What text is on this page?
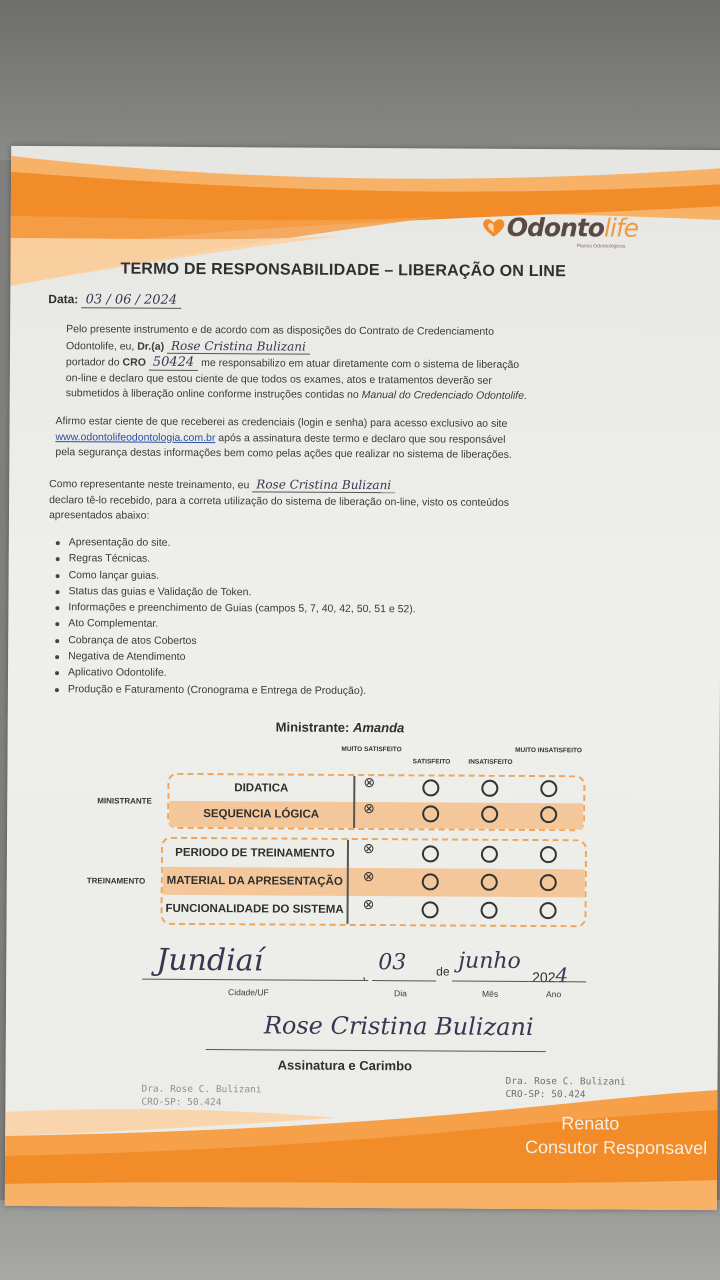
Odontolife
Planos Odontológicos
TERMO DE RESPONSABILIDADE – LIBERAÇÃO ON LINE
Data: 03 / 06 / 2024
Pelo presente instrumento e de acordo com as disposições do Contrato de Credenciamento
Odontolife, eu, Dr.(a) Rose Cristina Bulizani
portador do CRO 50424 me responsabilizo em atuar diretamente com o sistema de liberação
on-line e declaro que estou ciente de que todos os exames, atos e tratamentos deverão ser
submetidos à liberação online conforme instruções contidas no Manual do Credenciado Odontolife.
Afirmo estar ciente de que receberei as credenciais (login e senha) para acesso exclusivo ao site
www.odontolifeodontologia.com.br após a assinatura deste termo e declaro que sou responsável
pela segurança destas informações bem como pelas ações que realizar no sistema de liberações.
Como representante neste treinamento, eu Rose Cristina Bulizani
declaro tê-lo recebido, para a correta utilização do sistema de liberação on-line, visto os conteúdos
apresentados abaixo:
Apresentação do site.
Regras Técnicas.
Como lançar guias.
Status das guias e Validação de Token.
Informações e preenchimento de Guias (campos 5, 7, 40, 42, 50, 51 e 52).
Ato Complementar.
Cobrança de atos Cobertos
Negativa de Atendimento
Aplicativo Odontolife.
Produção e Faturamento (Cronograma e Entrega de Produção).
Ministrante: Amanda
MUITO SATISFEITO
SATISFEITO	INSATISFEITO
MUITO INSATISFEITO
MINISTRANTE
DIDATICA
SEQUENCIA LÓGICA
TREINAMENTO
PERIODO DE TREINAMENTO
MATERIAL DA APRESENTAÇÃO
FUNCIONALIDADE DO SISTEMA
⊗
⊗
⊗
⊗
⊗
Jundiaí	,
Cidade/UF
03
Dia
de junho
Mês
2024
Ano
Rose Cristina Bulizani
Assinatura e Carimbo
Dra. Rose C. Bulizani
CRO-SP: 50.424
Dra. Rose C. Bulizani
CRO-SP: 50.424
Renato
Consutor Responsavel
